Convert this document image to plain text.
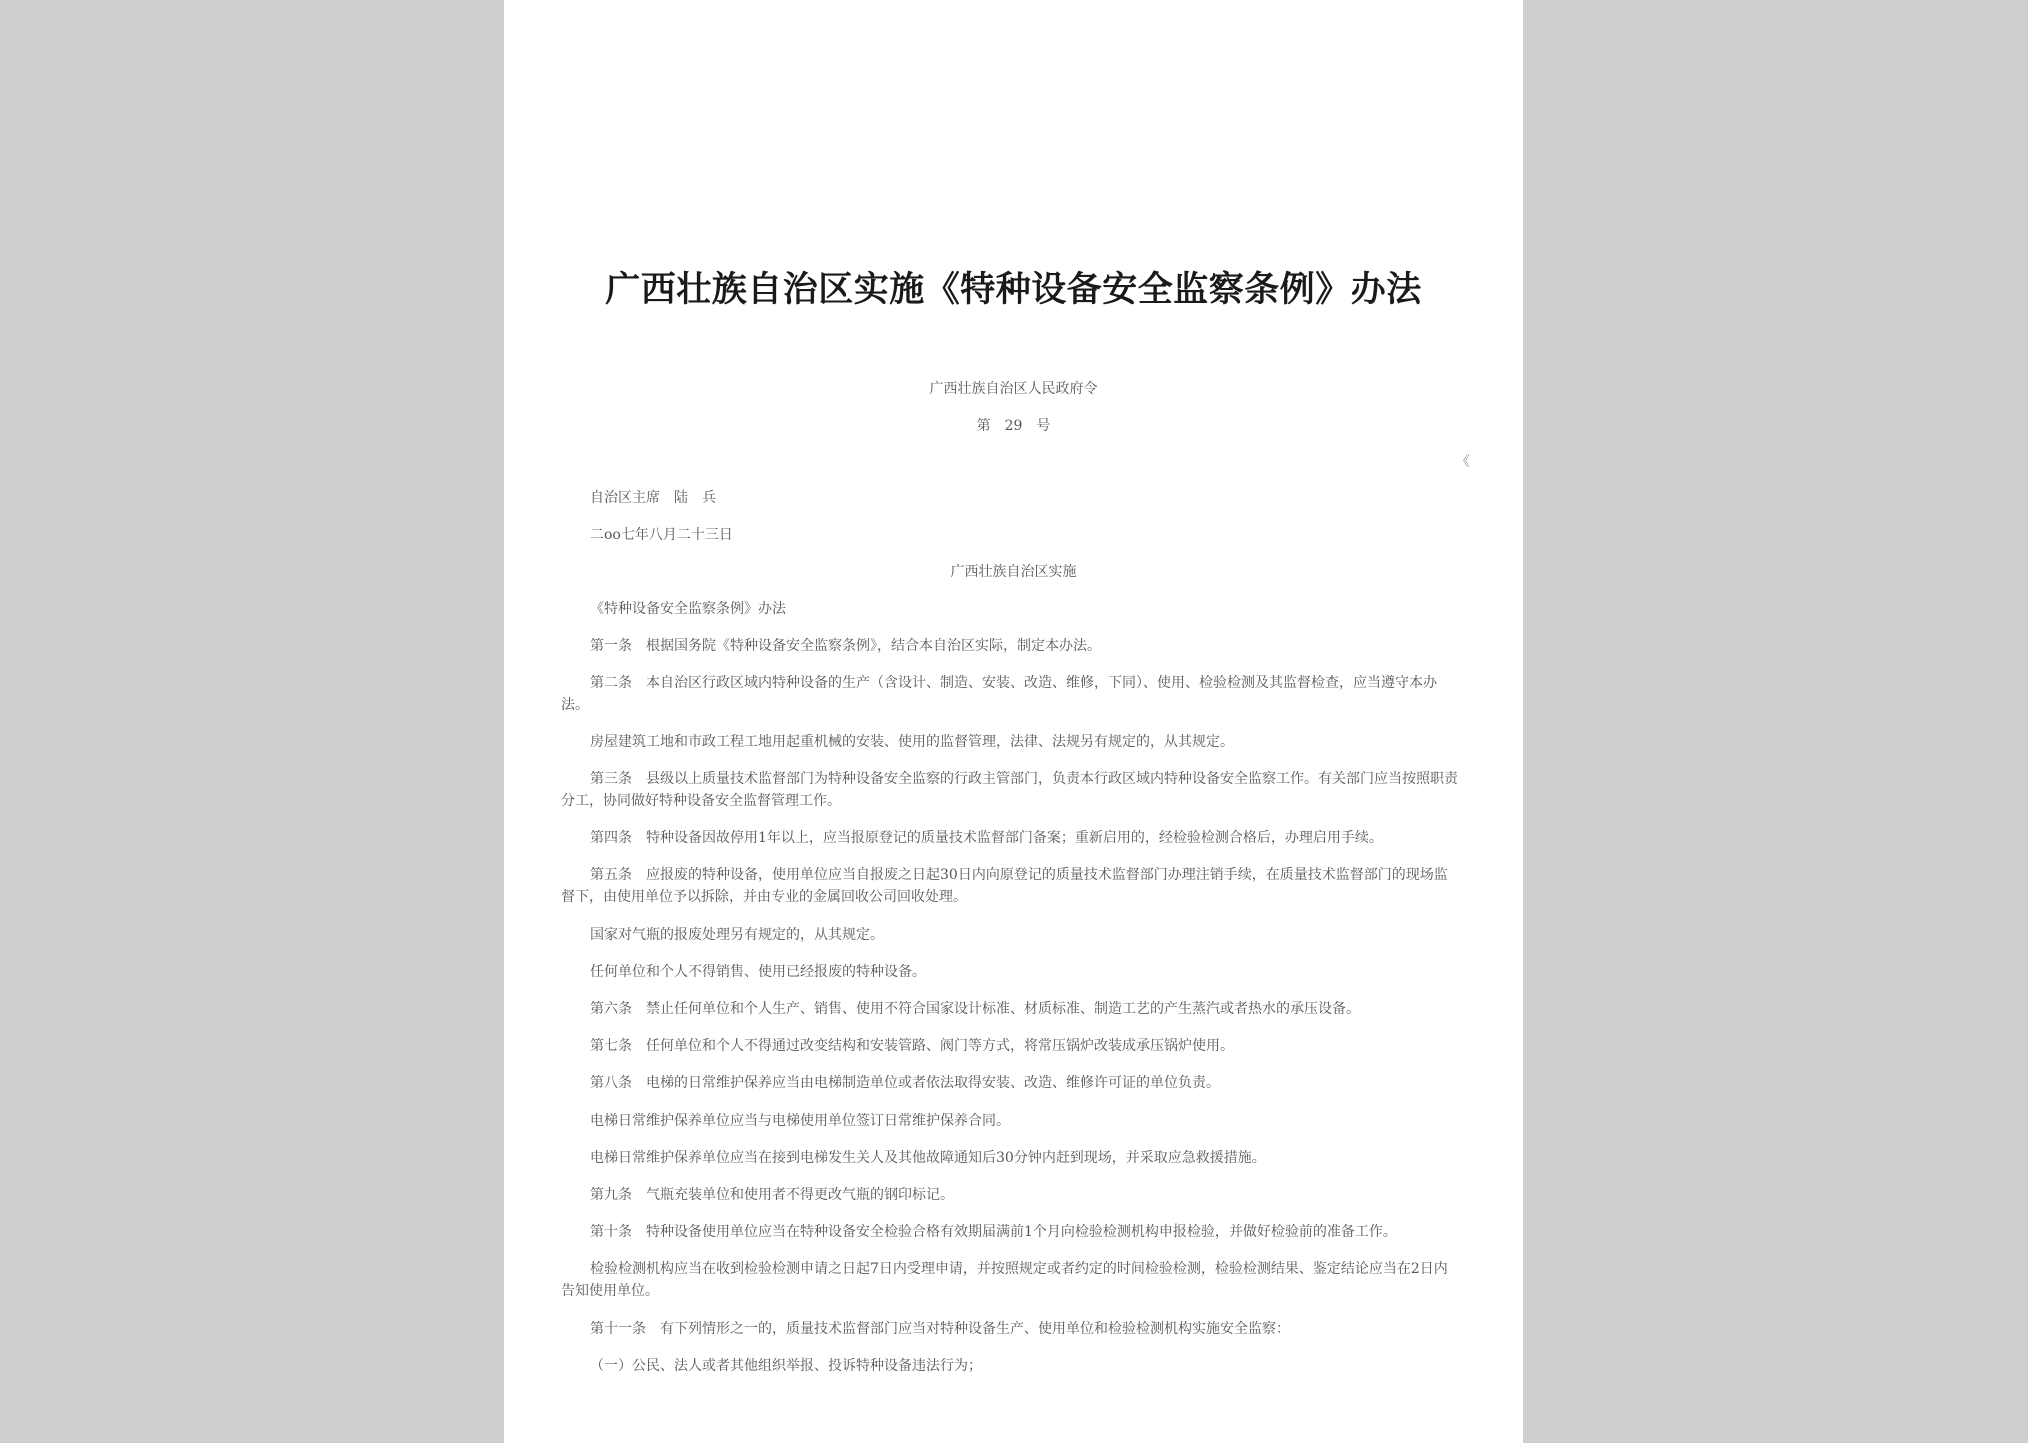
广西壮族自治区实施《特种设备安全监察条例》办法
广西壮族自治区人民政府令
第　29　号
《
自治区主席　陆　兵
二oo七年八月二十三日
广西壮族自治区实施
《特种设备安全监察条例》办法
第一条　根据国务院《特种设备安全监察条例》，结合本自治区实际，制定本办法。
第二条　本自治区行政区域内特种设备的生产（含设计、制造、安装、改造、维修，下同）、使用、检验检测及其监督检查，应当遵守本办法。
房屋建筑工地和市政工程工地用起重机械的安装、使用的监督管理，法律、法规另有规定的，从其规定。
第三条　县级以上质量技术监督部门为特种设备安全监察的行政主管部门，负责本行政区域内特种设备安全监察工作。有关部门应当按照职责分工，协同做好特种设备安全监督管理工作。
第四条　特种设备因故停用1年以上，应当报原登记的质量技术监督部门备案；重新启用的，经检验检测合格后，办理启用手续。
第五条　应报废的特种设备，使用单位应当自报废之日起30日内向原登记的质量技术监督部门办理注销手续，在质量技术监督部门的现场监督下，由使用单位予以拆除，并由专业的金属回收公司回收处理。
国家对气瓶的报废处理另有规定的，从其规定。
任何单位和个人不得销售、使用已经报废的特种设备。
第六条　禁止任何单位和个人生产、销售、使用不符合国家设计标准、材质标准、制造工艺的产生蒸汽或者热水的承压设备。
第七条　任何单位和个人不得通过改变结构和安装管路、阀门等方式，将常压锅炉改装成承压锅炉使用。
第八条　电梯的日常维护保养应当由电梯制造单位或者依法取得安装、改造、维修许可证的单位负责。
电梯日常维护保养单位应当与电梯使用单位签订日常维护保养合同。
电梯日常维护保养单位应当在接到电梯发生关人及其他故障通知后30分钟内赶到现场，并采取应急救援措施。
第九条　气瓶充装单位和使用者不得更改气瓶的钢印标记。
第十条　特种设备使用单位应当在特种设备安全检验合格有效期届满前1个月向检验检测机构申报检验，并做好检验前的准备工作。
检验检测机构应当在收到检验检测申请之日起7日内受理申请，并按照规定或者约定的时间检验检测，检验检测结果、鉴定结论应当在2日内告知使用单位。
第十一条　有下列情形之一的，质量技术监督部门应当对特种设备生产、使用单位和检验检测机构实施安全监察：
（一）公民、法人或者其他组织举报、投诉特种设备违法行为；
